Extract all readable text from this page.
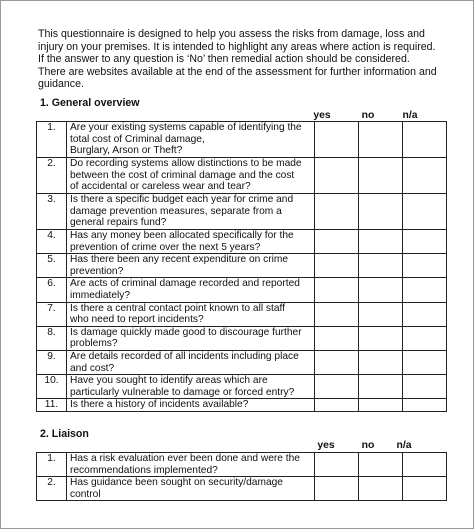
This questionnaire is designed to help you assess the risks from damage, loss and
injury on your premises. It is intended to highlight any areas where action is required.
If the answer to any question is ‘No’ then remedial action should be considered.
There are websites available at the end of the assessment for further information and
guidance.
1. General overview
yes	no	n/a
1.	Are your existing systems capable of identifying the
total cost of Criminal damage,
Burglary, Arson or Theft?			

2.	Do recording systems allow distinctions to be made
between the cost of criminal damage and the cost
of accidental or careless wear and tear?			

3.	Is there a specific budget each year for crime and
damage prevention measures, separate from a
general repairs fund?			

4.	Has any money been allocated specifically for the
prevention of crime over the next 5 years?			

5.	Has there been any recent expenditure on crime
prevention?			

6.	Are acts of criminal damage recorded and reported
immediately?			

7.	Is there a central contact point known to all staff
who need to report incidents?			

8.	Is damage quickly made good to discourage further
problems?			

9.	Are details recorded of all incidents including place
and cost?			

10.	Have you sought to identify areas which are
particularly vulnerable to damage or forced entry?			

11.	Is there a history of incidents available?			

2. Liaison
yes	no	n/a
1.	Has a risk evaluation ever been done and were the
recommendations implemented?			

2.	Has guidance been sought on security/damage
control			
